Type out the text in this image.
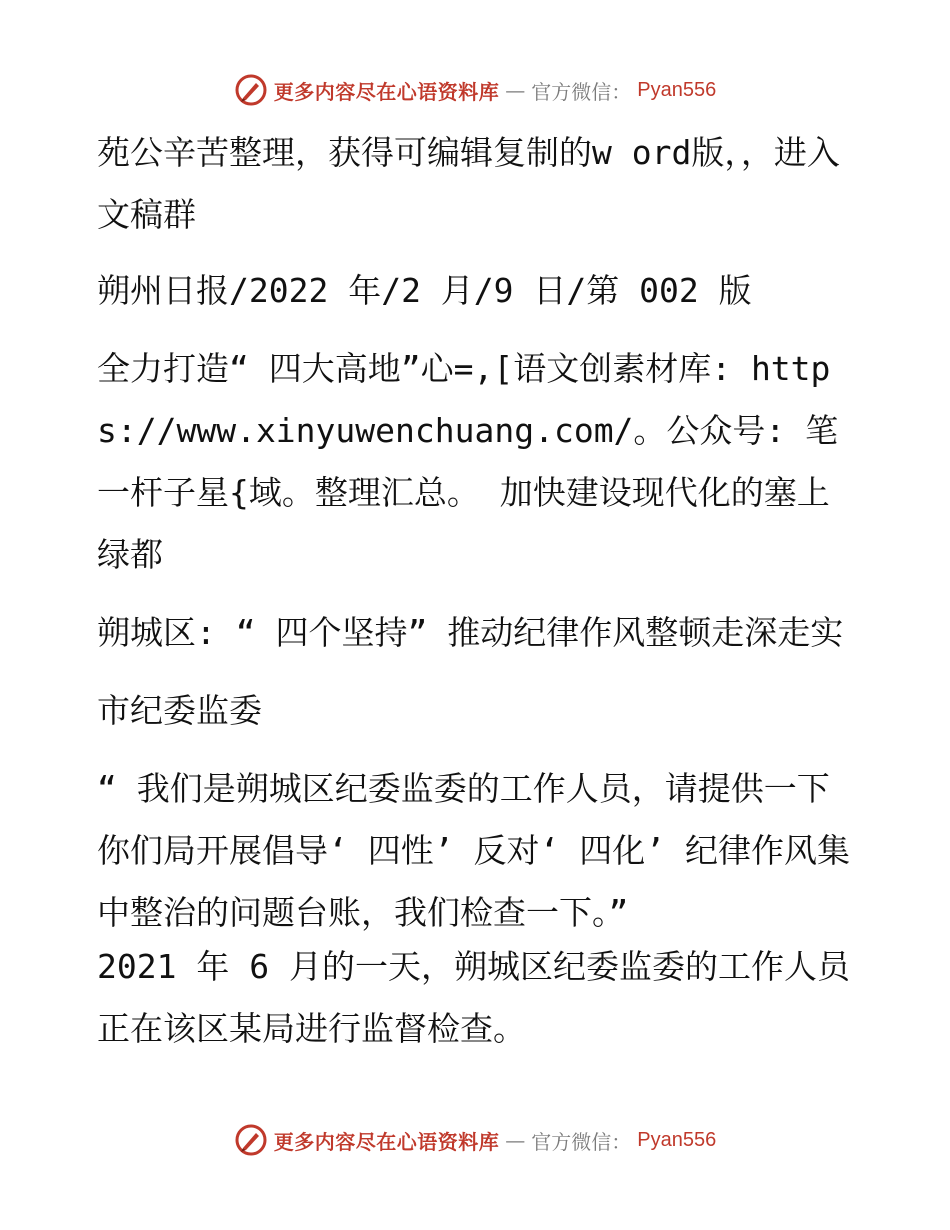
更多内容尽在心语资料库 — 官方微信： Pyan556

苑公辛苦整理，获得可编辑复制的w ord版，，进入文稿群

朔州日报/2022 年/2 月/9 日/第 002 版

全力打造“ 四大高地”心=,[语文创素材库: https://www.xinyuwenchuang.com/。公众号: 笔一杆子星{域。整理汇总。 加快建设现代化的塞上绿都

朔城区: “ 四个坚持” 推动纪律作风整顿走深走实

市纪委监委

“ 我们是朔城区纪委监委的工作人员，请提供一下你们局开展倡导‘ 四性’ 反对‘ 四化’ 纪律作风集中整治的问题台账，我们检查一下。”

2021 年 6 月的一天，朔城区纪委监委的工作人员正在该区某局进行监督检查。

更多内容尽在心语资料库 — 官方微信： Pyan556
